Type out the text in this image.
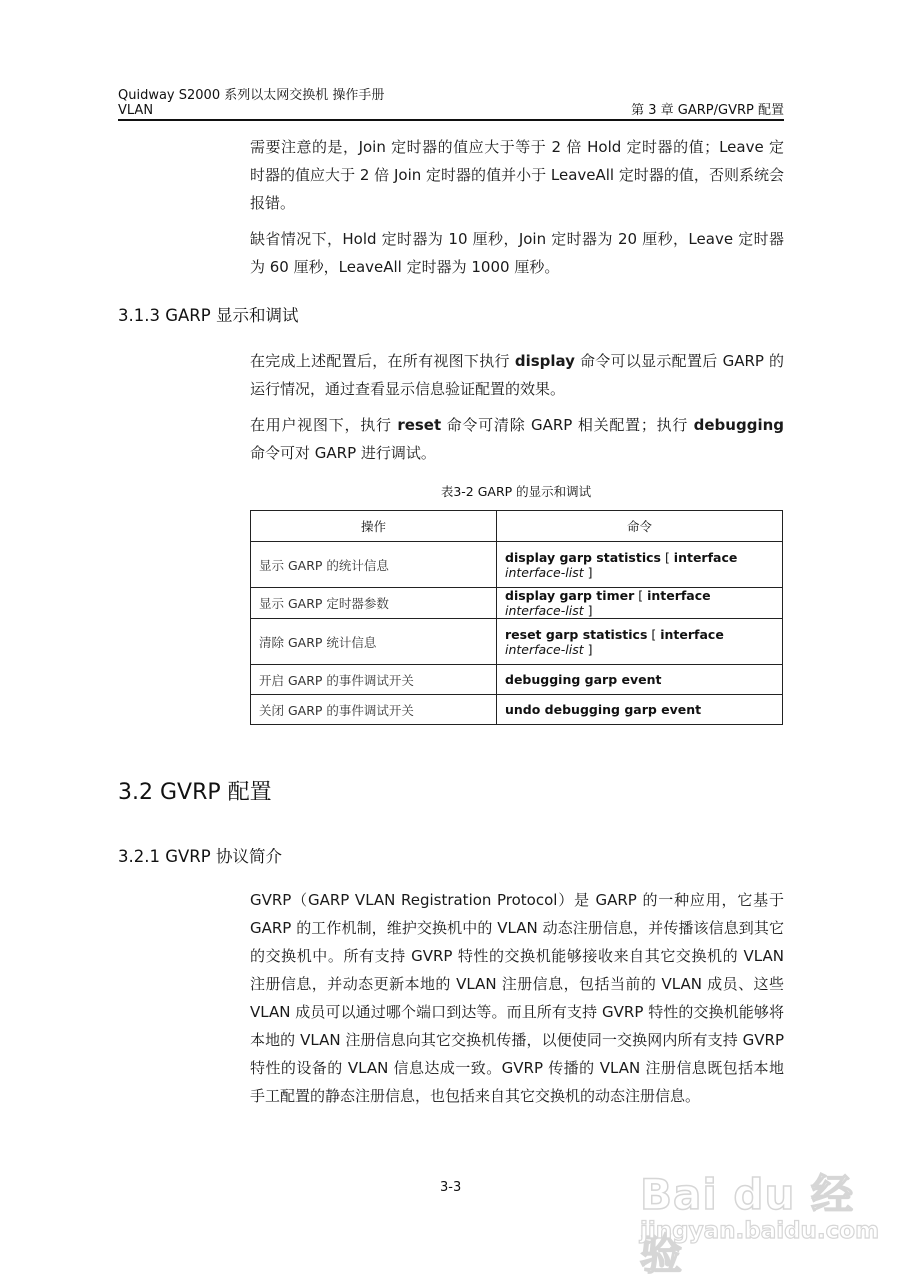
Quidway S2000 系列以太网交换机 操作手册
VLAN	第 3 章 GARP/GVRP 配置
需要注意的是，Join 定时器的值应大于等于 2 倍 Hold 定时器的值；Leave 定时器的值应大于 2 倍 Join 定时器的值并小于 LeaveAll 定时器的值，否则系统会报错。
缺省情况下，Hold 定时器为 10 厘秒，Join 定时器为 20 厘秒，Leave 定时器为 60 厘秒，LeaveAll 定时器为 1000 厘秒。
3.1.3 GARP 显示和调试
在完成上述配置后，在所有视图下执行 display 命令可以显示配置后 GARP 的运行情况，通过查看显示信息验证配置的效果。
在用户视图下，执行 reset 命令可清除 GARP 相关配置；执行 debugging 命令可对 GARP 进行调试。
表3-2 GARP 的显示和调试
操作	命令
显示 GARP 的统计信息	display garp statistics [ interface
interface-list ]
显示 GARP 定时器参数	display garp timer [ interface interface-list ]
清除 GARP 统计信息	reset garp statistics [ interface
interface-list ]
开启 GARP 的事件调试开关	debugging garp event
关闭 GARP 的事件调试开关	undo debugging garp event
3.2 GVRP 配置
3.2.1 GVRP 协议简介
GVRP（GARP VLAN Registration Protocol）是 GARP 的一种应用，它基于 GARP 的工作机制，维护交换机中的 VLAN 动态注册信息，并传播该信息到其它的交换机中。所有支持 GVRP 特性的交换机能够接收来自其它交换机的 VLAN 注册信息，并动态更新本地的 VLAN 注册信息，包括当前的 VLAN 成员、这些 VLAN 成员可以通过哪个端口到达等。而且所有支持 GVRP 特性的交换机能够将本地的 VLAN 注册信息向其它交换机传播，以便使同一交换网内所有支持 GVRP 特性的设备的 VLAN 信息达成一致。GVRP 传播的 VLAN 注册信息既包括本地手工配置的静态注册信息，也包括来自其它交换机的动态注册信息。
3-3	Bai du 经验
jingyan.baidu.com
